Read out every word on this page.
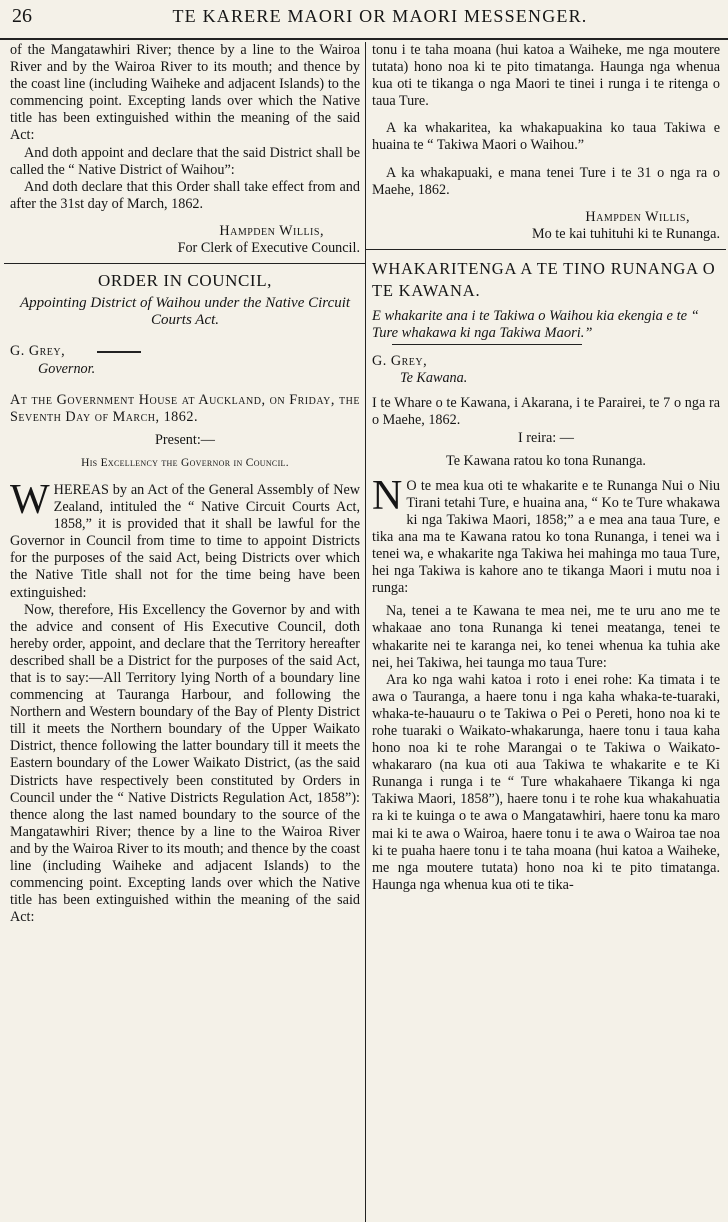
26	TE KARERE MAORI OR MAORI MESSENGER.

of the Mangatawhiri River; thence by a line to the Wairoa River and by the Wairoa River to its mouth; and thence by the coast line (including Waiheke and adjacent Islands) to the commencing point. Excepting lands over which the Native title has been extinguished within the meaning of the said Act:

And doth appoint and declare that the said District shall be called the “ Native District of Waihou”:

And doth declare that this Order shall take effect from and after the 31st day of March, 1862.

Hampden Willis,

For Clerk of Executive Council.

ORDER IN COUNCIL,

Appointing District of Waihou under the Native Circuit Courts Act.

G. Grey,
Governor.

At the Government House at Auckland, on Friday, the Seventh Day of March, 1862.

Present:—

His Excellency the Governor in Council.

WHEREAS by an Act of the General Assembly of New Zealand, intituled the “ Native Circuit Courts Act, 1858,” it is provided that it shall be lawful for the Governor in Council from time to time to appoint Districts for the purposes of the said Act, being Districts over which the Native Title shall not for the time being have been extinguished:

Now, therefore, His Excellency the Governor by and with the advice and consent of His Executive Council, doth hereby order, appoint, and declare that the Territory hereafter described shall be a District for the purposes of the said Act, that is to say:—All Territory lying North of a boundary line commencing at Tauranga Harbour, and following the Northern and Western boundary of the Bay of Plenty District till it meets the Northern boundary of the Upper Waikato District, thence following the latter boundary till it meets the Eastern boundary of the Lower Waikato District, (as the said Districts have respectively been constituted by Orders in Council under the “ Native Districts Regulation Act, 1858”): thence along the last named boundary to the source of the Mangatawhiri River; thence by a line to the Wairoa River and by the Wairoa River to its mouth; and thence by the coast line (including Waiheke and adjacent Islands) to the commencing point. Excepting lands over which the Native title has been extinguished within the meaning of the said Act:

tonu i te taha moana (hui katoa a Waiheke, me nga moutere tutata) hono noa ki te pito timatanga. Haunga nga whenua kua oti te tikanga o nga Maori te tinei i runga i te ritenga o taua Ture.

A ka whakaritea, ka whakapuakina ko taua Takiwa e huaina te “ Takiwa Maori o Waihou.”

A ka whakapuaki, e mana tenei Ture i te 31 o nga ra o Maehe, 1862.

Hampden Willis,

Mo te kai tuhituhi ki te Runanga.

WHAKARITENGA A TE TINO RUNANGA O TE KAWANA.

E whakarite ana i te Takiwa o Waihou kia ekengia e te “ Ture whakawa ki nga Takiwa Maori.”

G. Grey,
Te Kawana.

I te Whare o te Kawana, i Akarana, i te Parairei, te 7 o nga ra o Maehe, 1862.

I reira: —

Te Kawana ratou ko tona Runanga.

N O te mea kua oti te whakarite e te Runanga Nui o Niu Tirani tetahi Ture, e huaina ana, “ Ko te Ture whakawa ki nga Takiwa Maori, 1858;” a e mea ana taua Ture, e tika ana ma te Kawana ratou ko tona Runanga, i tenei wa i tenei wa, e whakarite nga Takiwa hei mahinga mo taua Ture, hei nga Takiwa is kahore ano te tikanga Maori i mutu noa i runga:

Na, tenei a te Kawana te mea nei, me te uru ano me te whakaae ano tona Runanga ki tenei meatanga, tenei te whakarite nei te karanga nei, ko tenei whenua ka tuhia ake nei, hei Takiwa, hei taunga mo taua Ture:

Ara ko nga wahi katoa i roto i enei rohe: Ka timata i te awa o Tauranga, a haere tonu i nga kaha whaka-te-tuaraki, whaka-te-hauauru o te Takiwa o Pei o Pereti, hono noa ki te rohe tuaraki o Waikato-whakarunga, haere tonu i taua kaha hono noa ki te rohe Marangai o te Takiwa o Waikato-whakararo (na kua oti aua Takiwa te whakarite e te Ki Runanga i runga i te “ Ture whakahaere Tikanga ki nga Takiwa Maori, 1858”), haere tonu i te rohe kua whakahuatia ra ki te kuinga o te awa o Mangatawhiri, haere tonu ka maro mai ki te awa o Wairoa, haere tonu i te awa o Wairoa tae noa ki te puaha haere tonu i te taha moana (hui katoa a Waiheke, me nga moutere tutata) hono noa ki te pito timatanga. Haunga nga whenua kua oti te tika-
